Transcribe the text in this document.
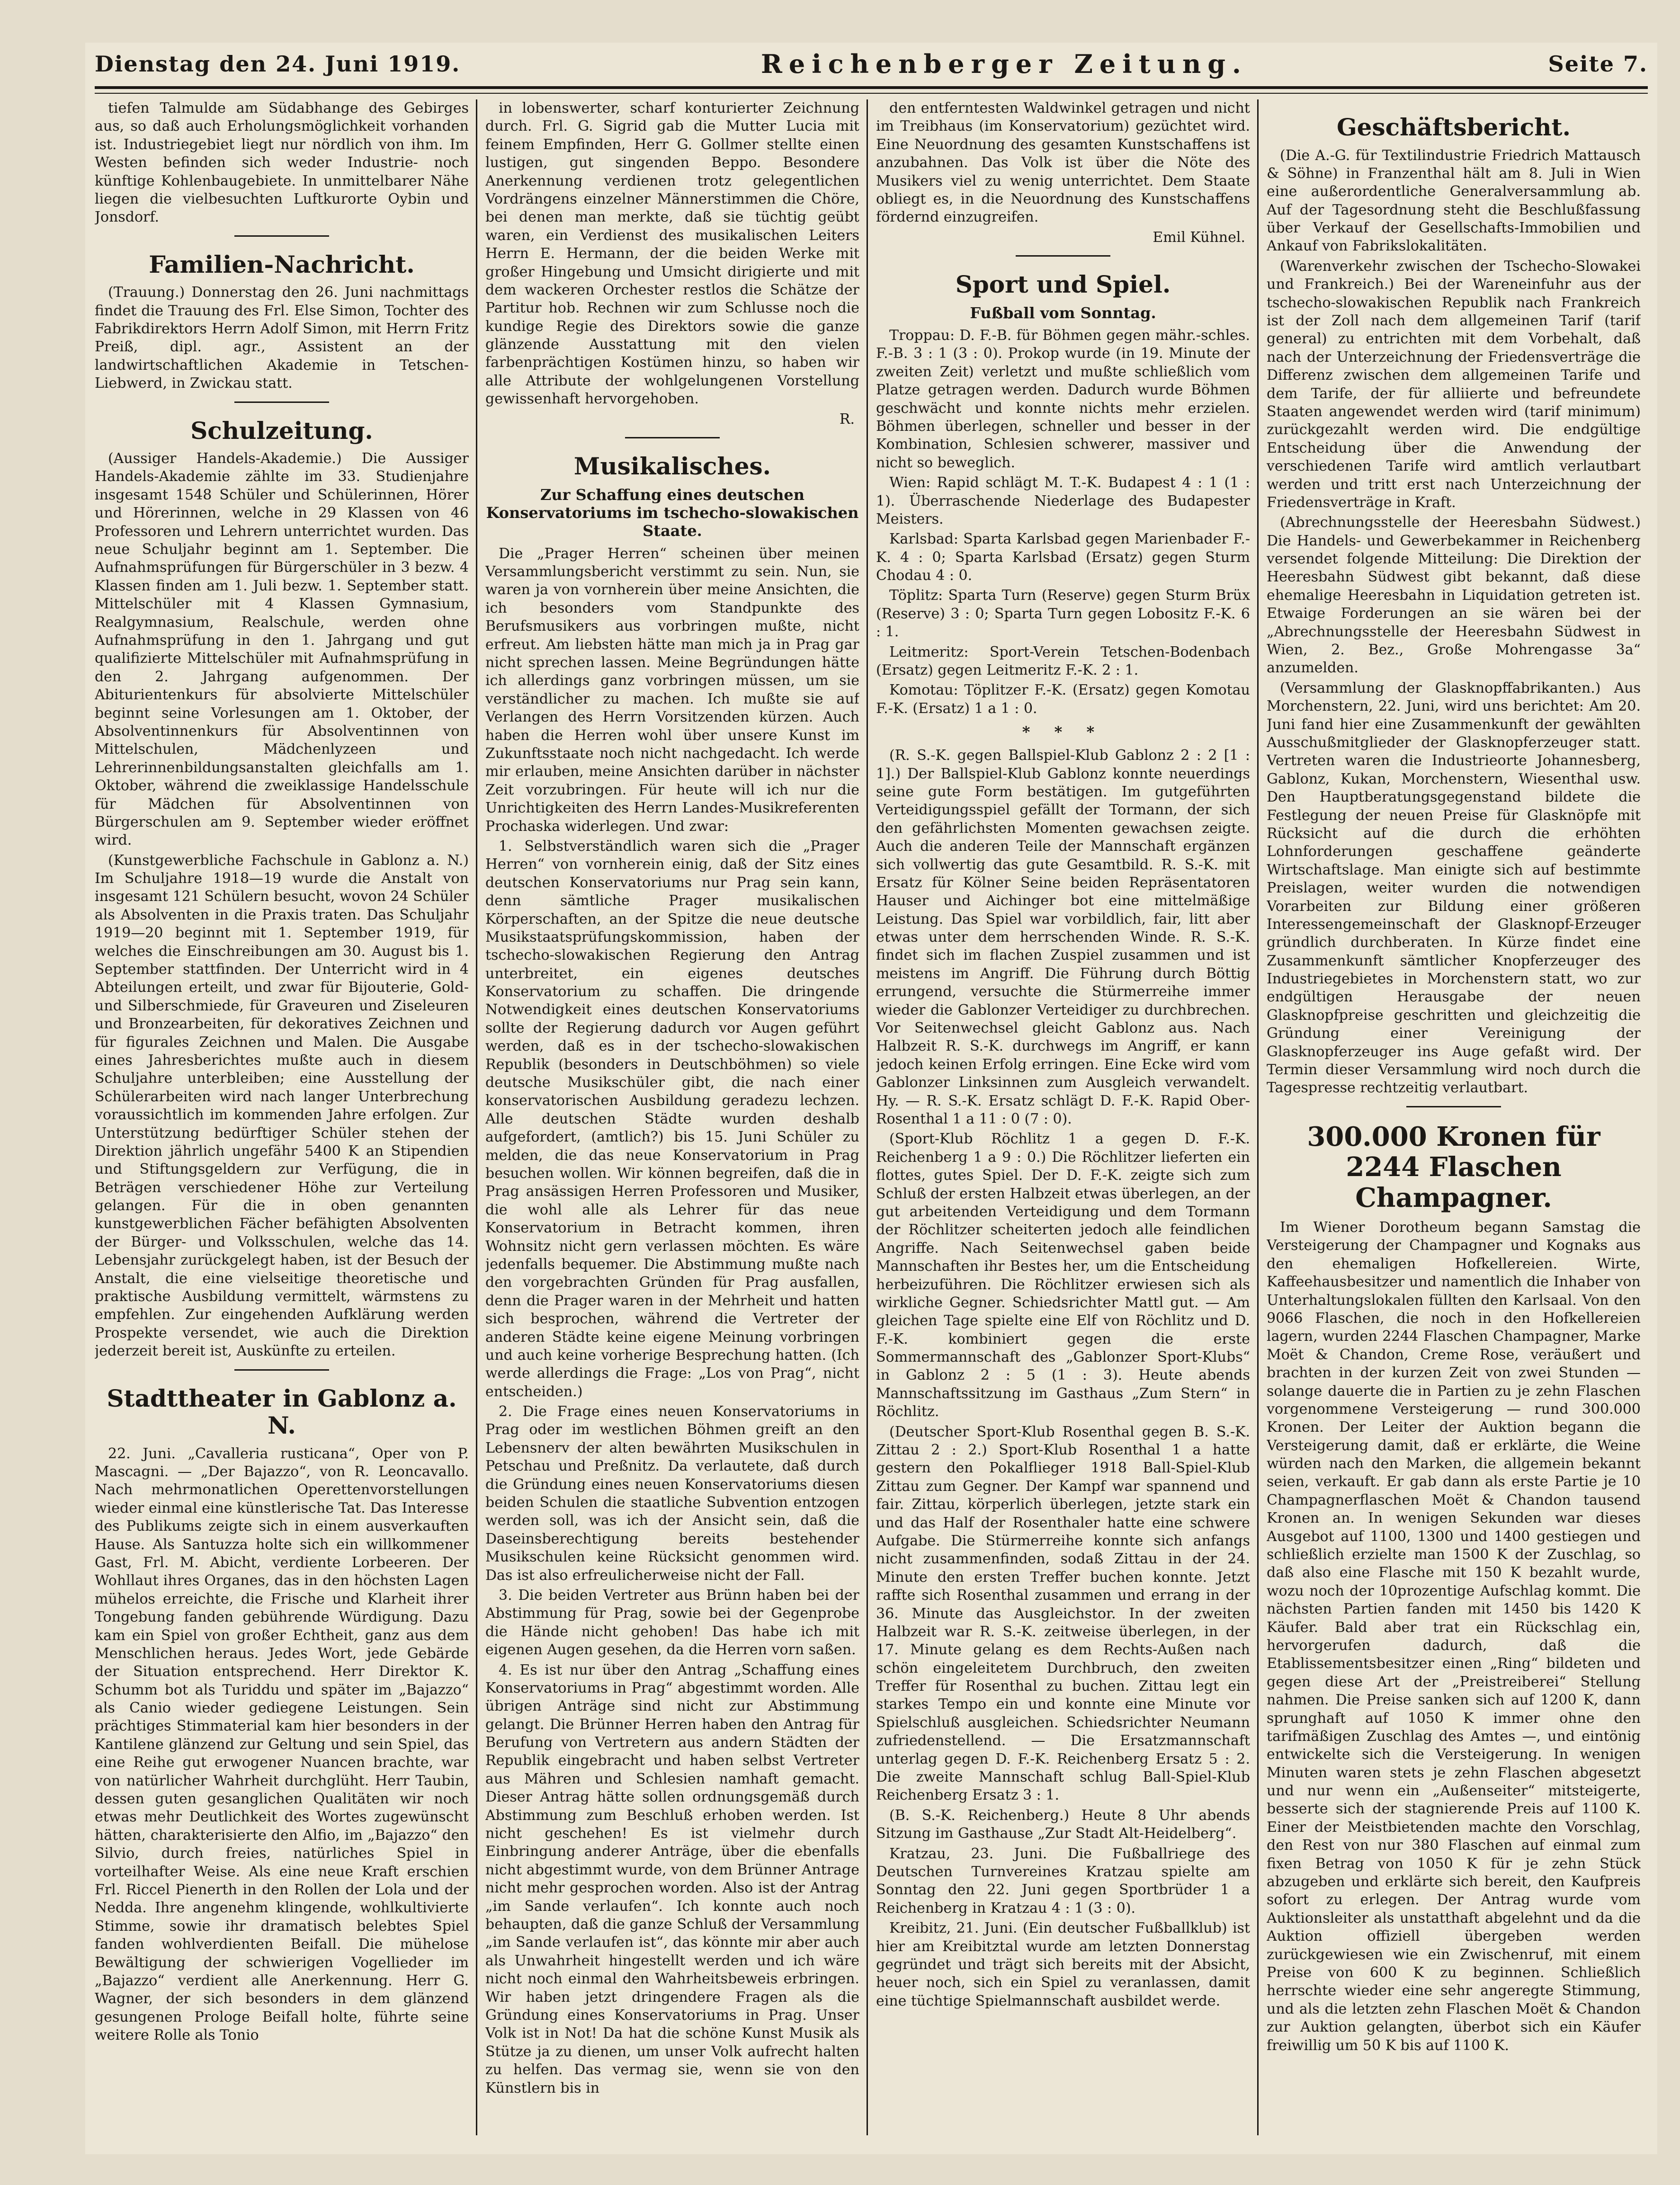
Dienstag den 24. Juni 1919.	Reichenberger Zeitung.	Seite 7.

tiefen Talmulde am Südabhange des Gebirges aus, so daß auch Erholungsmöglichkeit vorhanden ist. Industriegebiet liegt nur nördlich von ihm. Im Westen befinden sich weder Industrie- noch künftige Kohlenbaugebiete. In unmittelbarer Nähe liegen die vielbesuchten Luftkurorte Oybin und Jonsdorf.

Familien-Nachricht.

(Trauung.) Donnerstag den 26. Juni nachmittags findet die Trauung des Frl. Else Simon, Tochter des Fabrikdirektors Herrn Adolf Simon, mit Herrn Fritz Preiß, dipl. agr., Assistent an der landwirtschaftlichen Akademie in Tetschen-Liebwerd, in Zwickau statt.

Schulzeitung.

(Aussiger Handels-Akademie.) Die Aussiger Handels-Akademie zählte im 33. Studienjahre insgesamt 1548 Schüler und Schülerinnen, Hörer und Hörerinnen, welche in 29 Klassen von 46 Professoren und Lehrern unterrichtet wurden. Das neue Schuljahr beginnt am 1. September. Die Aufnahmsprüfungen für Bürgerschüler in 3 bezw. 4 Klassen finden am 1. Juli bezw. 1. September statt. Mittelschüler mit 4 Klassen Gymnasium, Realgymnasium, Realschule, werden ohne Aufnahmsprüfung in den 1. Jahrgang und gut qualifizierte Mittelschüler mit Aufnahmsprüfung in den 2. Jahrgang aufgenommen. Der Abiturientenkurs für absolvierte Mittelschüler beginnt seine Vorlesungen am 1. Oktober, der Absolventinnenkurs für Absolventinnen von Mittelschulen, Mädchenlyzeen und Lehrerinnenbildungsanstalten gleichfalls am 1. Oktober, während die zweiklassige Handelsschule für Mädchen für Absolventinnen von Bürgerschulen am 9. September wieder eröffnet wird.

(Kunstgewerbliche Fachschule in Gablonz a. N.) Im Schuljahre 1918—19 wurde die Anstalt von insgesamt 121 Schülern besucht, wovon 24 Schüler als Absolventen in die Praxis traten. Das Schuljahr 1919—20 beginnt mit 1. September 1919, für welches die Einschreibungen am 30. August bis 1. September stattfinden. Der Unterricht wird in 4 Abteilungen erteilt, und zwar für Bijouterie, Gold- und Silberschmiede, für Graveuren und Ziseleuren und Bronzearbeiten, für dekoratives Zeichnen und für figurales Zeichnen und Malen. Die Ausgabe eines Jahresberichtes mußte auch in diesem Schuljahre unterbleiben; eine Ausstellung der Schülerarbeiten wird nach langer Unterbrechung voraussichtlich im kommenden Jahre erfolgen. Zur Unterstützung bedürftiger Schüler stehen der Direktion jährlich ungefähr 5400 K an Stipendien und Stiftungsgeldern zur Verfügung, die in Beträgen verschiedener Höhe zur Verteilung gelangen. Für die in oben genannten kunstgewerblichen Fächer befähigten Absolventen der Bürger- und Volksschulen, welche das 14. Lebensjahr zurückgelegt haben, ist der Besuch der Anstalt, die eine vielseitige theoretische und praktische Ausbildung vermittelt, wärmstens zu empfehlen. Zur eingehenden Aufklärung werden Prospekte versendet, wie auch die Direktion jederzeit bereit ist, Auskünfte zu erteilen.

Stadttheater in Gablonz a. N.

22. Juni. „Cavalleria rusticana“, Oper von P. Mascagni. — „Der Bajazzo“, von R. Leoncavallo. Nach mehrmonatlichen Operettenvorstellungen wieder einmal eine künstlerische Tat. Das Interesse des Publikums zeigte sich in einem ausverkauften Hause. Als Santuzza holte sich ein willkommener Gast, Frl. M. Abicht, verdiente Lorbeeren. Der Wohllaut ihres Organes, das in den höchsten Lagen mühelos erreichte, die Frische und Klarheit ihrer Tongebung fanden gebührende Würdigung. Dazu kam ein Spiel von großer Echtheit, ganz aus dem Menschlichen heraus. Jedes Wort, jede Gebärde der Situation entsprechend. Herr Direktor K. Schumm bot als Turiddu und später im „Bajazzo“ als Canio wieder gediegene Leistungen. Sein prächtiges Stimmaterial kam hier besonders in der Kantilene glänzend zur Geltung und sein Spiel, das eine Reihe gut erwogener Nuancen brachte, war von natürlicher Wahrheit durchglüht. Herr Taubin, dessen guten gesanglichen Qualitäten wir noch etwas mehr Deutlichkeit des Wortes zugewünscht hätten, charakterisierte den Alfio, im „Bajazzo“ den Silvio, durch freies, natürliches Spiel in vorteilhafter Weise. Als eine neue Kraft erschien Frl. Riccel Pienerth in den Rollen der Lola und der Nedda. Ihre angenehm klingende, wohlkultivierte Stimme, sowie ihr dramatisch belebtes Spiel fanden wohlverdienten Beifall. Die mühelose Bewältigung der schwierigen Vogellieder im „Bajazzo“ verdient alle Anerkennung. Herr G. Wagner, der sich besonders in dem glänzend gesungenen Prologe Beifall holte, führte seine weitere Rolle als Tonio

in lobenswerter, scharf konturierter Zeichnung durch. Frl. G. Sigrid gab die Mutter Lucia mit feinem Empfinden, Herr G. Gollmer stellte einen lustigen, gut singenden Beppo. Besondere Anerkennung verdienen trotz gelegentlichen Vordrängens einzelner Männerstimmen die Chöre, bei denen man merkte, daß sie tüchtig geübt waren, ein Verdienst des musikalischen Leiters Herrn E. Hermann, der die beiden Werke mit großer Hingebung und Umsicht dirigierte und mit dem wackeren Orchester restlos die Schätze der Partitur hob. Rechnen wir zum Schlusse noch die kundige Regie des Direktors sowie die ganze glänzende Ausstattung mit den vielen farbenprächtigen Kostümen hinzu, so haben wir alle Attribute der wohlgelungenen Vorstellung gewissenhaft hervorgehoben.

R.
Musikalisches.
Zur Schaffung eines deutschen Konservatoriums im tschecho-slowakischen Staate.

Die „Prager Herren“ scheinen über meinen Versammlungsbericht verstimmt zu sein. Nun, sie waren ja von vornherein über meine Ansichten, die ich besonders vom Standpunkte des Berufsmusikers aus vorbringen mußte, nicht erfreut. Am liebsten hätte man mich ja in Prag gar nicht sprechen lassen. Meine Begründungen hätte ich allerdings ganz vorbringen müssen, um sie verständlicher zu machen. Ich mußte sie auf Verlangen des Herrn Vorsitzenden kürzen. Auch haben die Herren wohl über unsere Kunst im Zukunftsstaate noch nicht nachgedacht. Ich werde mir erlauben, meine Ansichten darüber in nächster Zeit vorzubringen. Für heute will ich nur die Unrichtigkeiten des Herrn Landes-Musikreferenten Prochaska widerlegen. Und zwar:

1. Selbstverständlich waren sich die „Prager Herren“ von vornherein einig, daß der Sitz eines deutschen Konservatoriums nur Prag sein kann, denn sämtliche Prager musikalischen Körperschaften, an der Spitze die neue deutsche Musikstaatsprüfungskommission, haben der tschecho-slowakischen Regierung den Antrag unterbreitet, ein eigenes deutsches Konservatorium zu schaffen. Die dringende Notwendigkeit eines deutschen Konservatoriums sollte der Regierung dadurch vor Augen geführt werden, daß es in der tschecho-slowakischen Republik (besonders in Deutschböhmen) so viele deutsche Musikschüler gibt, die nach einer konservatorischen Ausbildung geradezu lechzen. Alle deutschen Städte wurden deshalb aufgefordert, (amtlich?) bis 15. Juni Schüler zu melden, die das neue Konservatorium in Prag besuchen wollen. Wir können begreifen, daß die in Prag ansässigen Herren Professoren und Musiker, die wohl alle als Lehrer für das neue Konservatorium in Betracht kommen, ihren Wohnsitz nicht gern verlassen möchten. Es wäre jedenfalls bequemer. Die Abstimmung mußte nach den vorgebrachten Gründen für Prag ausfallen, denn die Prager waren in der Mehrheit und hatten sich besprochen, während die Vertreter der anderen Städte keine eigene Meinung vorbringen und auch keine vorherige Besprechung hatten. (Ich werde allerdings die Frage: „Los von Prag“, nicht entscheiden.)

2. Die Frage eines neuen Konservatoriums in Prag oder im westlichen Böhmen greift an den Lebensnerv der alten bewährten Musikschulen in Petschau und Preßnitz. Da verlautete, daß durch die Gründung eines neuen Konservatoriums diesen beiden Schulen die staatliche Subvention entzogen werden soll, was ich der Ansicht sein, daß die Daseinsberechtigung bereits bestehender Musikschulen keine Rücksicht genommen wird. Das ist also erfreulicherweise nicht der Fall.

3. Die beiden Vertreter aus Brünn haben bei der Abstimmung für Prag, sowie bei der Gegenprobe die Hände nicht gehoben! Das habe ich mit eigenen Augen gesehen, da die Herren vorn saßen.

4. Es ist nur über den Antrag „Schaffung eines Konservatoriums in Prag“ abgestimmt worden. Alle übrigen Anträge sind nicht zur Abstimmung gelangt. Die Brünner Herren haben den Antrag für Berufung von Vertretern aus andern Städten der Republik eingebracht und haben selbst Vertreter aus Mähren und Schlesien namhaft gemacht. Dieser Antrag hätte sollen ordnungsgemäß durch Abstimmung zum Beschluß erhoben werden. Ist nicht geschehen! Es ist vielmehr durch Einbringung anderer Anträge, über die ebenfalls nicht abgestimmt wurde, von dem Brünner Antrage nicht mehr gesprochen worden. Also ist der Antrag „im Sande verlaufen“. Ich konnte auch noch behaupten, daß die ganze Schluß der Versammlung „im Sande verlaufen ist“, das könnte mir aber auch als Unwahrheit hingestellt werden und ich wäre nicht noch einmal den Wahrheitsbeweis erbringen. Wir haben jetzt dringendere Fragen als die Gründung eines Konservatoriums in Prag. Unser Volk ist in Not! Da hat die schöne Kunst Musik als Stütze ja zu dienen, um unser Volk aufrecht halten zu helfen. Das vermag sie, wenn sie von den Künstlern bis in

den entferntesten Waldwinkel getragen und nicht im Treibhaus (im Konservatorium) gezüchtet wird. Eine Neuordnung des gesamten Kunstschaffens ist anzubahnen. Das Volk ist über die Nöte des Musikers viel zu wenig unterrichtet. Dem Staate obliegt es, in die Neuordnung des Kunstschaffens fördernd einzugreifen.

Emil Kühnel.
Sport und Spiel.
Fußball vom Sonntag.

Troppau: D. F.-B. für Böhmen gegen mähr.-schles. F.-B. 3 : 1 (3 : 0). Prokop wurde (in 19. Minute der zweiten Zeit) verletzt und mußte schließlich vom Platze getragen werden. Dadurch wurde Böhmen geschwächt und konnte nichts mehr erzielen. Böhmen überlegen, schneller und besser in der Kombination, Schlesien schwerer, massiver und nicht so beweglich.

Wien: Rapid schlägt M. T.-K. Budapest 4 : 1 (1 : 1). Überraschende Niederlage des Budapester Meisters.

Karlsbad: Sparta Karlsbad gegen Marienbader F.-K. 4 : 0; Sparta Karlsbad (Ersatz) gegen Sturm Chodau 4 : 0.

Töplitz: Sparta Turn (Reserve) gegen Sturm Brüx (Reserve) 3 : 0; Sparta Turn gegen Lobositz F.-K. 6 : 1.

Leitmeritz: Sport-Verein Tetschen-Bodenbach (Ersatz) gegen Leitmeritz F.-K. 2 : 1.

Komotau: Töplitzer F.-K. (Ersatz) gegen Komotau F.-K. (Ersatz) 1 a 1 : 0.

* * *

(R. S.-K. gegen Ballspiel-Klub Gablonz 2 : 2 [1 : 1].) Der Ballspiel-Klub Gablonz konnte neuerdings seine gute Form bestätigen. Im gutgeführten Verteidigungsspiel gefällt der Tormann, der sich den gefährlichsten Momenten gewachsen zeigte. Auch die anderen Teile der Mannschaft ergänzen sich vollwertig das gute Gesamtbild. R. S.-K. mit Ersatz für Kölner Seine beiden Repräsentatoren Hauser und Aichinger bot eine mittelmäßige Leistung. Das Spiel war vorbildlich, fair, litt aber etwas unter dem herrschenden Winde. R. S.-K. findet sich im flachen Zuspiel zusammen und ist meistens im Angriff. Die Führung durch Böttig errungend, versuchte die Stürmerreihe immer wieder die Gablonzer Verteidiger zu durchbrechen. Vor Seitenwechsel gleicht Gablonz aus. Nach Halbzeit R. S.-K. durchwegs im Angriff, er kann jedoch keinen Erfolg erringen. Eine Ecke wird vom Gablonzer Linksinnen zum Ausgleich verwandelt. Hy. — R. S.-K. Ersatz schlägt D. F.-K. Rapid Ober-Rosenthal 1 a 11 : 0 (7 : 0).

(Sport-Klub Röchlitz 1 a gegen D. F.-K. Reichenberg 1 a 9 : 0.) Die Röchlitzer lieferten ein flottes, gutes Spiel. Der D. F.-K. zeigte sich zum Schluß der ersten Halbzeit etwas überlegen, an der gut arbeitenden Verteidigung und dem Tormann der Röchlitzer scheiterten jedoch alle feindlichen Angriffe. Nach Seitenwechsel gaben beide Mannschaften ihr Bestes her, um die Entscheidung herbeizuführen. Die Röchlitzer erwiesen sich als wirkliche Gegner. Schiedsrichter Mattl gut. — Am gleichen Tage spielte eine Elf von Röchlitz und D. F.-K. kombiniert gegen die erste Sommermannschaft des „Gablonzer Sport-Klubs“ in Gablonz 2 : 5 (1 : 3). Heute abends Mannschaftssitzung im Gasthaus „Zum Stern“ in Röchlitz.

(Deutscher Sport-Klub Rosenthal gegen B. S.-K. Zittau 2 : 2.) Sport-Klub Rosenthal 1 a hatte gestern den Pokalflieger 1918 Ball-Spiel-Klub Zittau zum Gegner. Der Kampf war spannend und fair. Zittau, körperlich überlegen, jetzte stark ein und das Half der Rosenthaler hatte eine schwere Aufgabe. Die Stürmerreihe konnte sich anfangs nicht zusammenfinden, sodaß Zittau in der 24. Minute den ersten Treffer buchen konnte. Jetzt raffte sich Rosenthal zusammen und errang in der 36. Minute das Ausgleichstor. In der zweiten Halbzeit war R. S.-K. zeitweise überlegen, in der 17. Minute gelang es dem Rechts-Außen nach schön eingeleitetem Durchbruch, den zweiten Treffer für Rosenthal zu buchen. Zittau legt ein starkes Tempo ein und konnte eine Minute vor Spielschluß ausgleichen. Schiedsrichter Neumann zufriedenstellend. — Die Ersatzmannschaft unterlag gegen D. F.-K. Reichenberg Ersatz 5 : 2. Die zweite Mannschaft schlug Ball-Spiel-Klub Reichenberg Ersatz 3 : 1.

(B. S.-K. Reichenberg.) Heute 8 Uhr abends Sitzung im Gasthause „Zur Stadt Alt-Heidelberg“.

Kratzau, 23. Juni. Die Fußballriege des Deutschen Turnvereines Kratzau spielte am Sonntag den 22. Juni gegen Sportbrüder 1 a Reichenberg in Kratzau 4 : 1 (3 : 0).

Kreibitz, 21. Juni. (Ein deutscher Fußballklub) ist hier am Kreibitztal wurde am letzten Donnerstag gegründet und trägt sich bereits mit der Absicht, heuer noch, sich ein Spiel zu veranlassen, damit eine tüchtige Spielmannschaft ausbildet werde.

Geschäftsbericht.

(Die A.-G. für Textilindustrie Friedrich Mattausch & Söhne) in Franzenthal hält am 8. Juli in Wien eine außerordentliche Generalversammlung ab. Auf der Tagesordnung steht die Beschlußfassung über Verkauf der Gesellschafts-Immobilien und Ankauf von Fabrikslokalitäten.

(Warenverkehr zwischen der Tschecho-Slowakei und Frankreich.) Bei der Wareneinfuhr aus der tschecho-slowakischen Republik nach Frankreich ist der Zoll nach dem allgemeinen Tarif (tarif general) zu entrichten mit dem Vorbehalt, daß nach der Unterzeichnung der Friedensverträge die Differenz zwischen dem allgemeinen Tarife und dem Tarife, der für alliierte und befreundete Staaten angewendet werden wird (tarif minimum) zurückgezahlt werden wird. Die endgültige Entscheidung über die Anwendung der verschiedenen Tarife wird amtlich verlautbart werden und tritt erst nach Unterzeichnung der Friedensverträge in Kraft.

(Abrechnungsstelle der Heeresbahn Südwest.) Die Handels- und Gewerbekammer in Reichenberg versendet folgende Mitteilung: Die Direktion der Heeresbahn Südwest gibt bekannt, daß diese ehemalige Heeresbahn in Liquidation getreten ist. Etwaige Forderungen an sie wären bei der „Abrechnungsstelle der Heeresbahn Südwest in Wien, 2. Bez., Große Mohrengasse 3a“ anzumelden.

(Versammlung der Glasknopffabrikanten.) Aus Morchenstern, 22. Juni, wird uns berichtet: Am 20. Juni fand hier eine Zusammenkunft der gewählten Ausschußmitglieder der Glasknopferzeuger statt. Vertreten waren die Industrieorte Johannesberg, Gablonz, Kukan, Morchenstern, Wiesenthal usw. Den Hauptberatungsgegenstand bildete die Festlegung der neuen Preise für Glasknöpfe mit Rücksicht auf die durch die erhöhten Lohnforderungen geschaffene geänderte Wirtschaftslage. Man einigte sich auf bestimmte Preislagen, weiter wurden die notwendigen Vorarbeiten zur Bildung einer größeren Interessengemeinschaft der Glasknopf-Erzeuger gründlich durchberaten. In Kürze findet eine Zusammenkunft sämtlicher Knopferzeuger des Industriegebietes in Morchenstern statt, wo zur endgültigen Herausgabe der neuen Glasknopfpreise geschritten und gleichzeitig die Gründung einer Vereinigung der Glasknopferzeuger ins Auge gefaßt wird. Der Termin dieser Versammlung wird noch durch die Tagespresse rechtzeitig verlautbart.

300.000 Kronen für 2244 Flaschen Champagner.

Im Wiener Dorotheum begann Samstag die Versteigerung der Champagner und Kognaks aus den ehemaligen Hofkellereien. Wirte, Kaffeehausbesitzer und namentlich die Inhaber von Unterhaltungslokalen füllten den Karlsaal. Von den 9066 Flaschen, die noch in den Hofkellereien lagern, wurden 2244 Flaschen Champagner, Marke Moët & Chandon, Creme Rose, veräußert und brachten in der kurzen Zeit von zwei Stunden — solange dauerte die in Partien zu je zehn Flaschen vorgenommene Versteigerung — rund 300.000 Kronen. Der Leiter der Auktion begann die Versteigerung damit, daß er erklärte, die Weine würden nach den Marken, die allgemein bekannt seien, verkauft. Er gab dann als erste Partie je 10 Champagnerflaschen Moët & Chandon tausend Kronen an. In wenigen Sekunden war dieses Ausgebot auf 1100, 1300 und 1400 gestiegen und schließlich erzielte man 1500 K der Zuschlag, so daß also eine Flasche mit 150 K bezahlt wurde, wozu noch der 10prozentige Aufschlag kommt. Die nächsten Partien fanden mit 1450 bis 1420 K Käufer. Bald aber trat ein Rückschlag ein, hervorgerufen dadurch, daß die Etablissementsbesitzer einen „Ring“ bildeten und gegen diese Art der „Preistreiberei“ Stellung nahmen. Die Preise sanken sich auf 1200 K, dann sprunghaft auf 1050 K immer ohne den tarifmäßigen Zuschlag des Amtes —, und eintönig entwickelte sich die Versteigerung. In wenigen Minuten waren stets je zehn Flaschen abgesetzt und nur wenn ein „Außenseiter“ mitsteigerte, besserte sich der stagnierende Preis auf 1100 K. Einer der Meistbietenden machte den Vorschlag, den Rest von nur 380 Flaschen auf einmal zum fixen Betrag von 1050 K für je zehn Stück abzugeben und erklärte sich bereit, den Kaufpreis sofort zu erlegen. Der Antrag wurde vom Auktionsleiter als unstatthaft abgelehnt und da die Auktion offiziell übergeben werden zurückgewiesen wie ein Zwischenruf, mit einem Preise von 600 K zu beginnen. Schließlich herrschte wieder eine sehr angeregte Stimmung, und als die letzten zehn Flaschen Moët & Chandon zur Auktion gelangten, überbot sich ein Käufer freiwillig um 50 K bis auf 1100 K.
